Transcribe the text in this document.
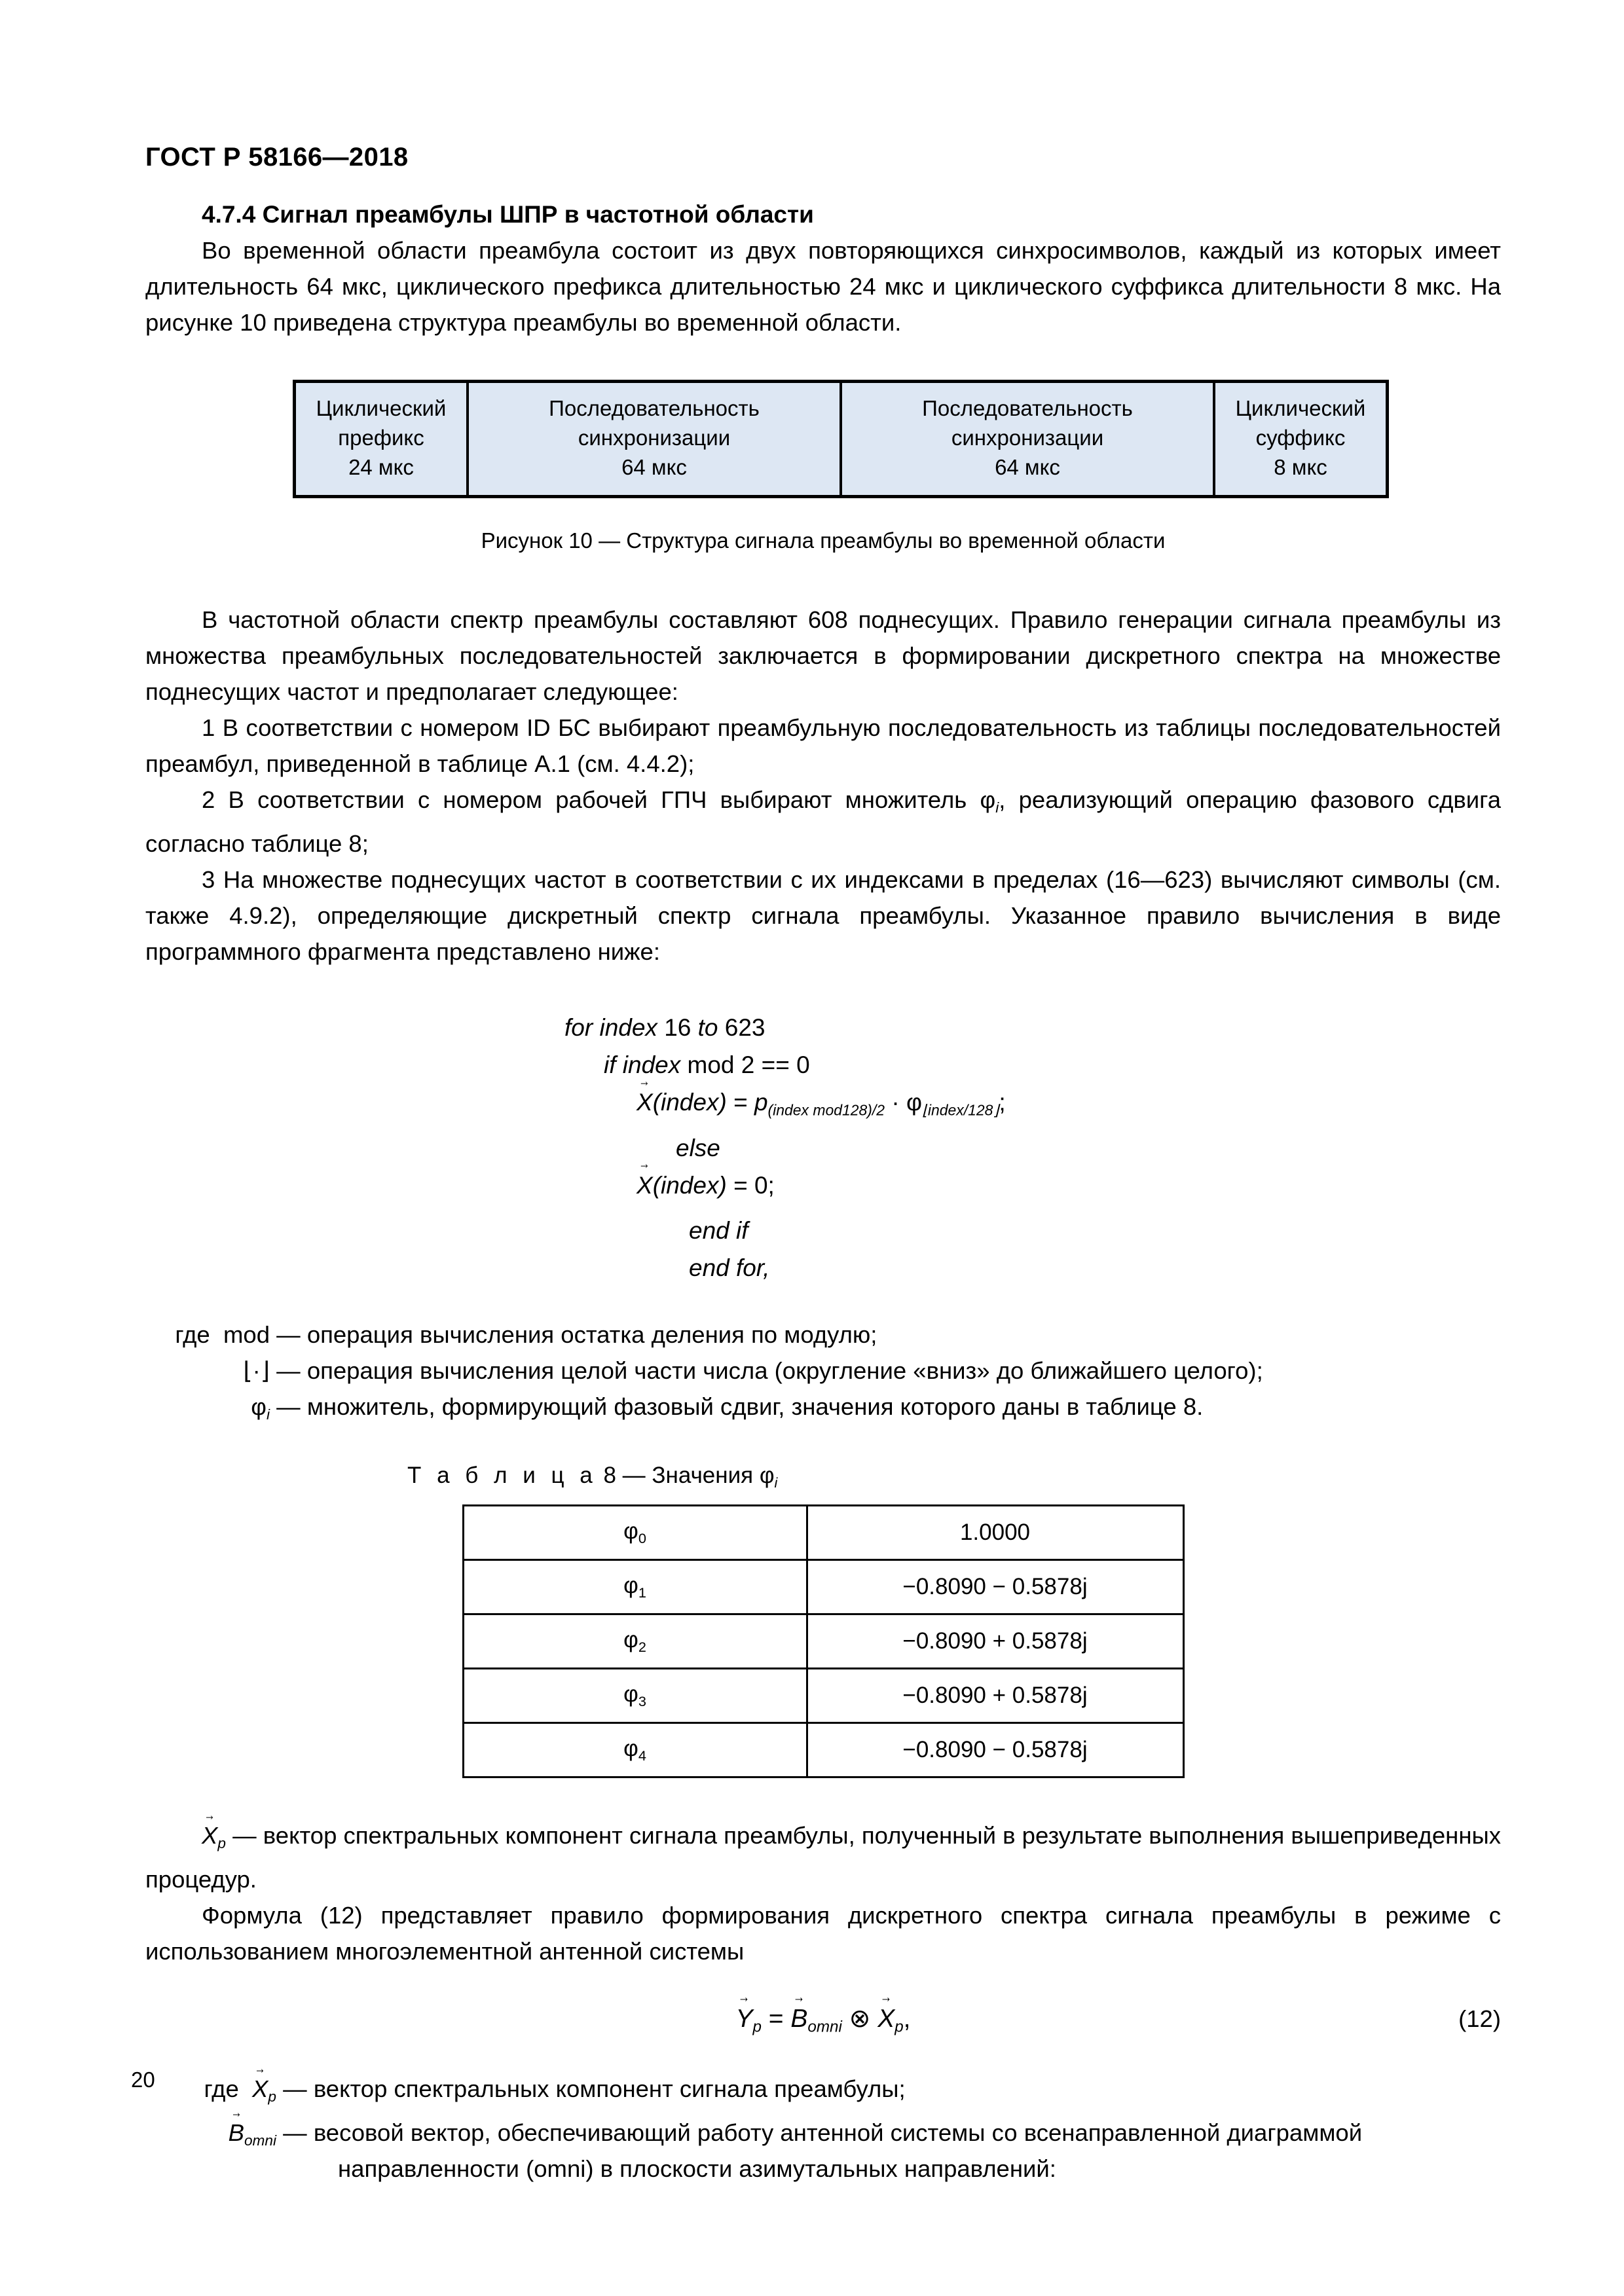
ГОСТ Р 58166—2018

4.7.4 Сигнал преамбулы ШПР в частотной области

Во временной области преамбула состоит из двух повторяющихся синхросимволов, каждый из которых имеет длительность 64 мкс, циклического префикса длительностью 24 мкс и циклического суффикса длительности 8 мкс. На рисунке 10 приведена структура преамбулы во временной области.

Циклический
префикс
24 мкс	Последовательность
синхронизации
64 мкс	Последовательность
синхронизации
64 мкс	Циклический
суффикс
8 мкс

Рисунок 10 — Структура сигнала преамбулы во временной области

В частотной области спектр преамбулы составляют 608 поднесущих. Правило генерации сигнала преамбулы из множества преамбульных последовательностей заключается в формировании дискретного спектра на множестве поднесущих частот и предполагает следующее:

1 В соответствии с номером ID БС выбирают преамбульную последовательность из таблицы последовательностей преамбул, приведенной в таблице А.1 (см. 4.4.2);

2 В соответствии с номером рабочей ГПЧ выбирают множитель $\varphi_i$, реализующий операцию фазового сдвига согласно таблице 8;

3 На множестве поднесущих частот в соответствии с их индексами в пределах (16—623) вычисляют символы (см. также 4.9.2), определяющие дискретный спектр сигнала преамбулы. Указанное правило вычисления в виде программного фрагмента представлено ниже:

for index 16 to 623
if index mod 2 == 0
X →(index) = $p_{(index mod128)/2} \cdot \varphi_{⌊index/128⌋}$;
else
X →(index) = 0;
end if
end for,
где mod — операция вычисления остатка деления по модулю;
⌊·⌋ — операция вычисления целой части числа (округление «вниз» до ближайшего целого);
$\varphi_i$ — множитель, формирующий фазовый сдвиг, значения которого даны в таблице 8.

Т а б л и ц а 8 — Значения $\varphi_i$

$\varphi_0$	1.0000
$\varphi_1$	−0.8090 − 0.5878j
$\varphi_2$	−0.8090 + 0.5878j
$\varphi_3$	−0.8090 + 0.5878j
$\varphi_4$	−0.8090 − 0.5878j

$X \to_p$ — вектор спектральных компонент сигнала преамбулы, полученный в результате выполнения вышеприведенных процедур.

Формула (12) представляет правило формирования дискретного спектра сигнала преамбулы в режиме с использованием многоэлементной антенной системы

$Y \to_p = B \to_{omni}$ ⊗ $X \to_p$,	(12)
где $X \to_p$ — вектор спектральных компонент сигнала преамбулы;
$B \to_{omni}$ — весовой вектор, обеспечивающий работу антенной системы со всенаправленной диаграммой
направленности (omni) в плоскости азимутальных направлений:
20
